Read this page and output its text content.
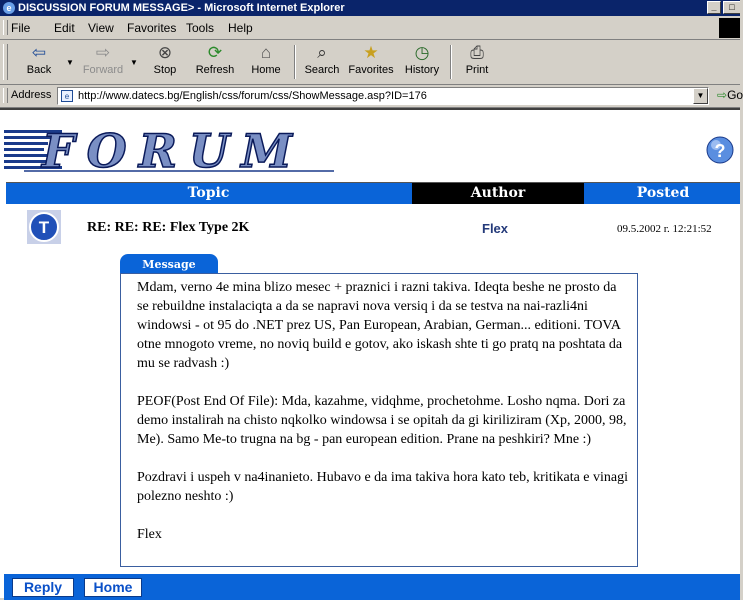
e DISCUSSION FORUM MESSAGE> - Microsoft Internet Explorer	_	□
File Edit View Favorites Tools Help
⇦
Back
▼
⇨
Forward
▼
⊗
Stop
⟳
Refresh
⌂
Home
⌕
Search
★
Favorites
◷
History
⎙
Print
Address	e http://www.datecs.bg/English/css/forum/css/ShowMessage.asp?ID=176	▼ ⇨Go
FORUM	?
Topic	Author	Posted
T	RE: RE: RE: Flex Type 2K	Flex	09.5.2002 г. 12:21:52
Message

Mdam, verno 4e mina blizo mesec + praznici i razni takiva. Ideqta beshe ne prosto da se rebuildne instalaciqta a da se napravi nova versiq i da se testva na nai-razli4ni windowsi - ot 95 do .NET prez US, Pan European, Arabian, German... editioni. TOVA otne mnogoto vreme, no noviq build e gotov, ako iskash shte ti go pratq na poshtata da mu se radvash :)

PEOF(Post End Of File): Mda, kazahme, vidqhme, prochetohme. Losho nqma. Dori za demo instalirah na chisto nqkolko windowsa i se opitah da gi kiriliziram (Xp, 2000, 98, Me). Samo Me-to trugna na bg - pan european edition. Prane na peshkiri? Mne :)

Pozdravi i uspeh v na4inanieto. Hubavo e da ima takiva hora kato teb, kritikata e vinagi polezno neshto :)

Flex

Reply	Home
